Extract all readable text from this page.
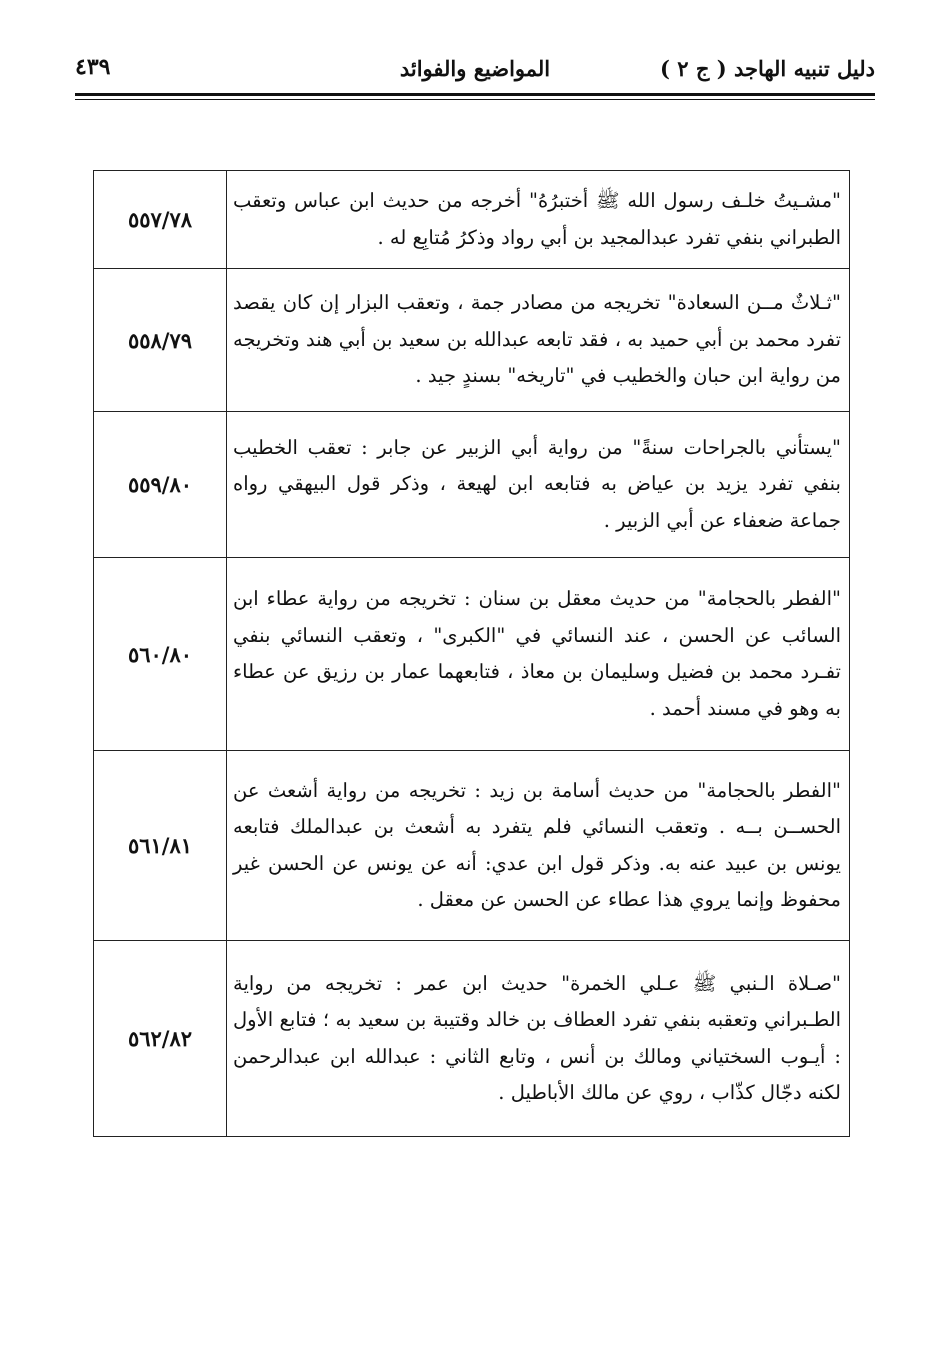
دليل تنبيه الهاجد ( ج ٢ )
المواضيع والفوائد
٤٣٩
"مشـيتُ خلـف رسول الله ﷺ أختبرُهُ" أخرجه من حديث ابن عباس وتعقب الطبراني بنفي تفرد عبدالمجيد بن أبي رواد وذكرُ مُتابِع له .	٥٥٧/٧٨
"ثـلاثٌ مــن السعادة" تخريجه من مصادر جمة ، وتعقب البزار إن كان يقصد تفرد محمد بن أبي حميد به ، فقد تابعه عبدالله بن سعيد بن أبي هند وتخريجه من رواية ابن حبان والخطيب في "تاريخه" بسندٍ جيد .	٥٥٨/٧٩
"يستأني بالجراحات سنةً" من رواية أبي الزبير عن جابر : تعقب الخطيب بنفي تفرد يزيد بن عياض به فتابعه ابن لهيعة ، وذكر قول البيهقي رواه جماعة ضعفاء عن أبي الزبير .	٥٥٩/٨٠
"الفطر بالحجامة" من حديث معقل بن سنان : تخريجه من رواية عطاء ابن السائب عن الحسن ، عند النسائي في "الكبرى" ، وتعقب النسائي بنفي تفـرد محمد بن فضيل وسليمان بن معاذ ، فتابعهما عمار بن رزيق عن عطاء به وهو في مسند أحمد .	٥٦٠/٨٠
"الفطر بالحجامة" من حديث أسامة بن زيد : تخريجه من رواية أشعث عن الحســن بــه . وتعقب النسائي فلم يتفرد به أشعث بن عبدالملك فتابعه يونس بن عبيد عنه به. وذكر قول ابن عدي: أنه عن يونس عن الحسن غير محفوظ وإنما يروي هذا عطاء عن الحسن عن معقل .	٥٦١/٨١
"صـلاة الـنبي ﷺ عـلي الخمرة" حديث ابن عمر : تخريجه من رواية الطـبراني وتعقبه بنفي تفرد العطاف بن خالد وقتيبة بن سعيد به ؛ فتابع الأول : أيـوب السختياني ومالك بن أنس ، وتابع الثاني : عبدالله ابن عبدالرحمن لكنه دجّال كذّاب ، روي عن مالك الأباطيل .	٥٦٢/٨٢
